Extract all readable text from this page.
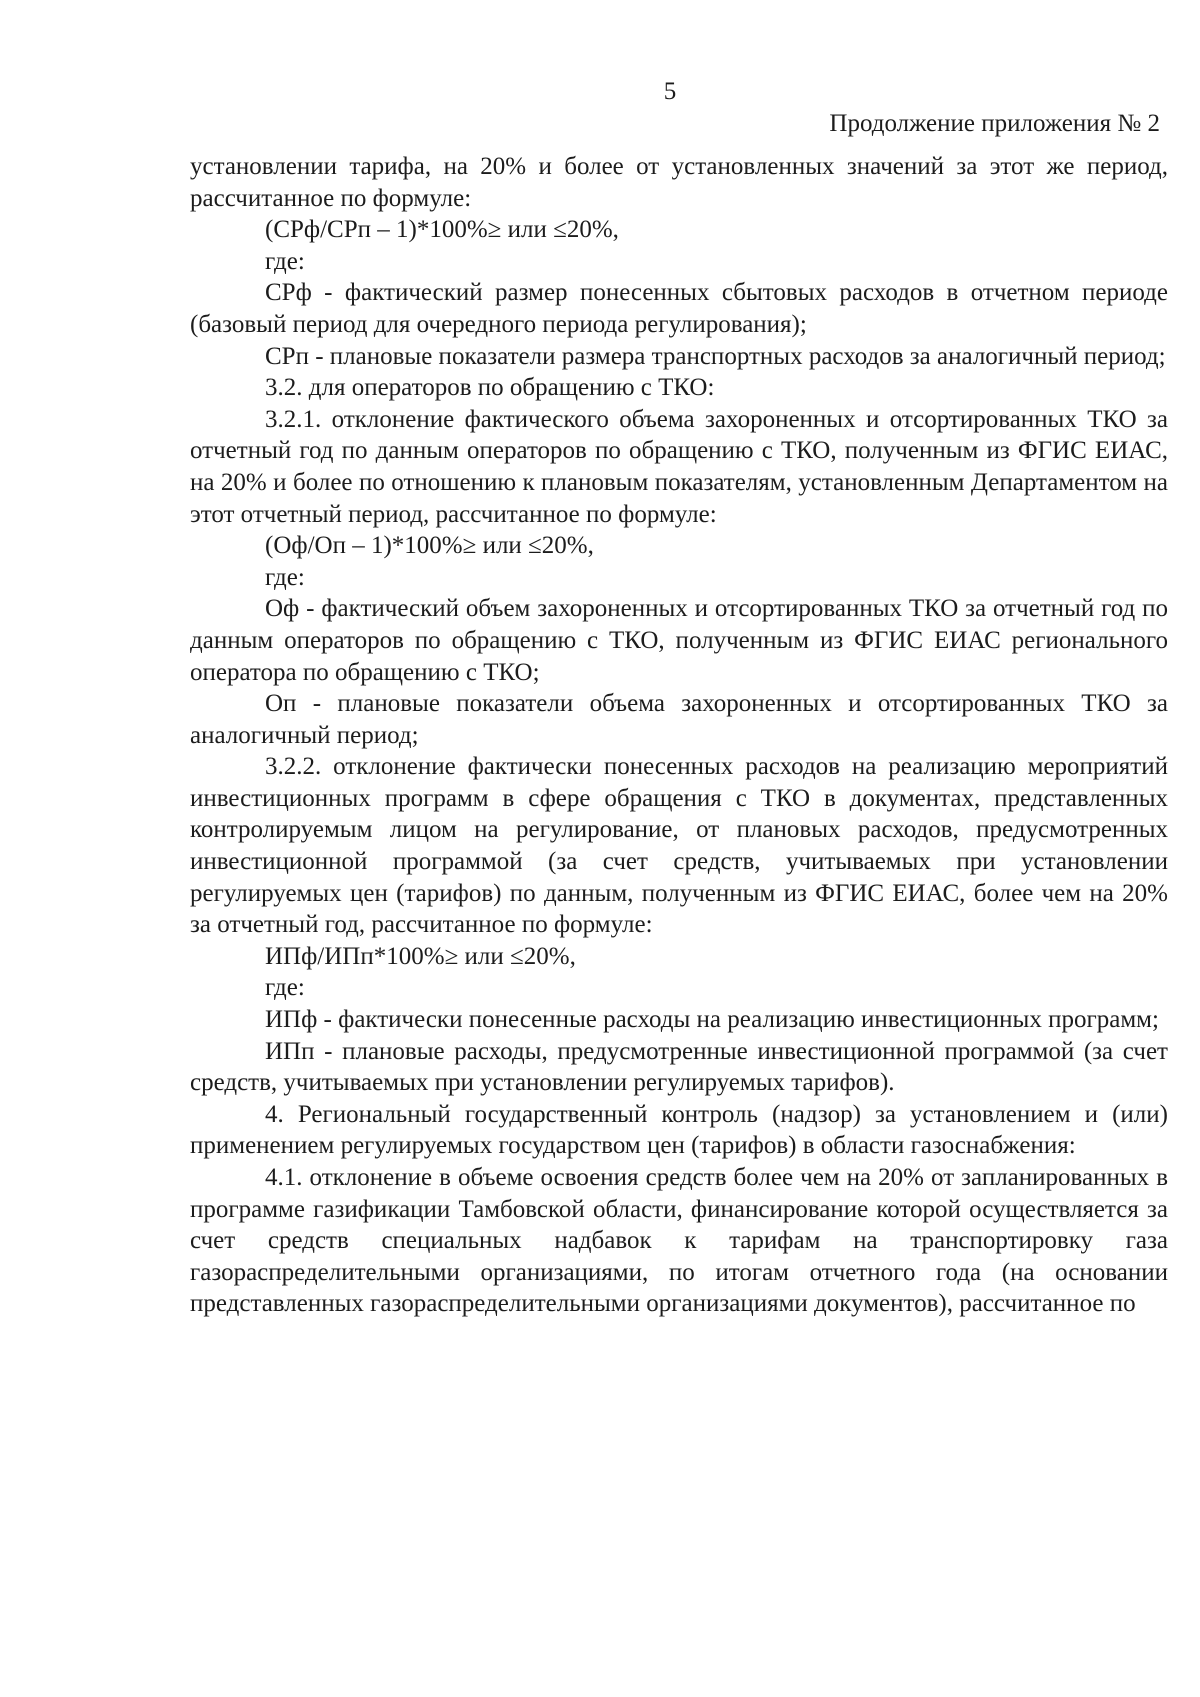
5
Продолжение приложения № 2

установлении тарифа, на 20% и более от установленных значений за этот же период, рассчитанное по формуле:

(СРф/СРп – 1)*100%≥ или ≤20%,

где:

СРф - фактический размер понесенных сбытовых расходов в отчетном периоде (базовый период для очередного периода регулирования);

СРп - плановые показатели размера транспортных расходов за аналогичный период;

3.2. для операторов по обращению с ТКО:

3.2.1. отклонение фактического объема захороненных и отсортированных ТКО за отчетный год по данным операторов по обращению с ТКО, полученным из ФГИС ЕИАС, на 20% и более по отношению к плановым показателям, установленным Департаментом на этот отчетный период, рассчитанное по формуле:

(Оф/Оп – 1)*100%≥ или ≤20%,

где:

Оф - фактический объем захороненных и отсортированных ТКО за отчетный год по данным операторов по обращению с ТКО, полученным из ФГИС ЕИАС регионального оператора по обращению с ТКО;

Оп - плановые показатели объема захороненных и отсортированных ТКО за аналогичный период;

3.2.2. отклонение фактически понесенных расходов на реализацию мероприятий инвестиционных программ в сфере обращения с ТКО в документах, представленных контролируемым лицом на регулирование, от плановых расходов, предусмотренных инвестиционной программой (за счет средств, учитываемых при установлении регулируемых цен (тарифов) по данным, полученным из ФГИС ЕИАС, более чем на 20% за отчетный год, рассчитанное по формуле:

ИПф/ИПп*100%≥ или ≤20%,

где:

ИПф - фактически понесенные расходы на реализацию инвестиционных программ;

ИПп - плановые расходы, предусмотренные инвестиционной программой (за счет средств, учитываемых при установлении регулируемых тарифов).

4. Региональный государственный контроль (надзор) за установлением и (или) применением регулируемых государством цен (тарифов) в области газоснабжения:

4.1. отклонение в объеме освоения средств более чем на 20% от запланированных в программе газификации Тамбовской области, финансирование которой осуществляется за счет средств специальных надбавок к тарифам на транспортировку газа газораспределительными организациями, по итогам отчетного года (на основании представленных газораспределительными организациями документов), рассчитанное по
